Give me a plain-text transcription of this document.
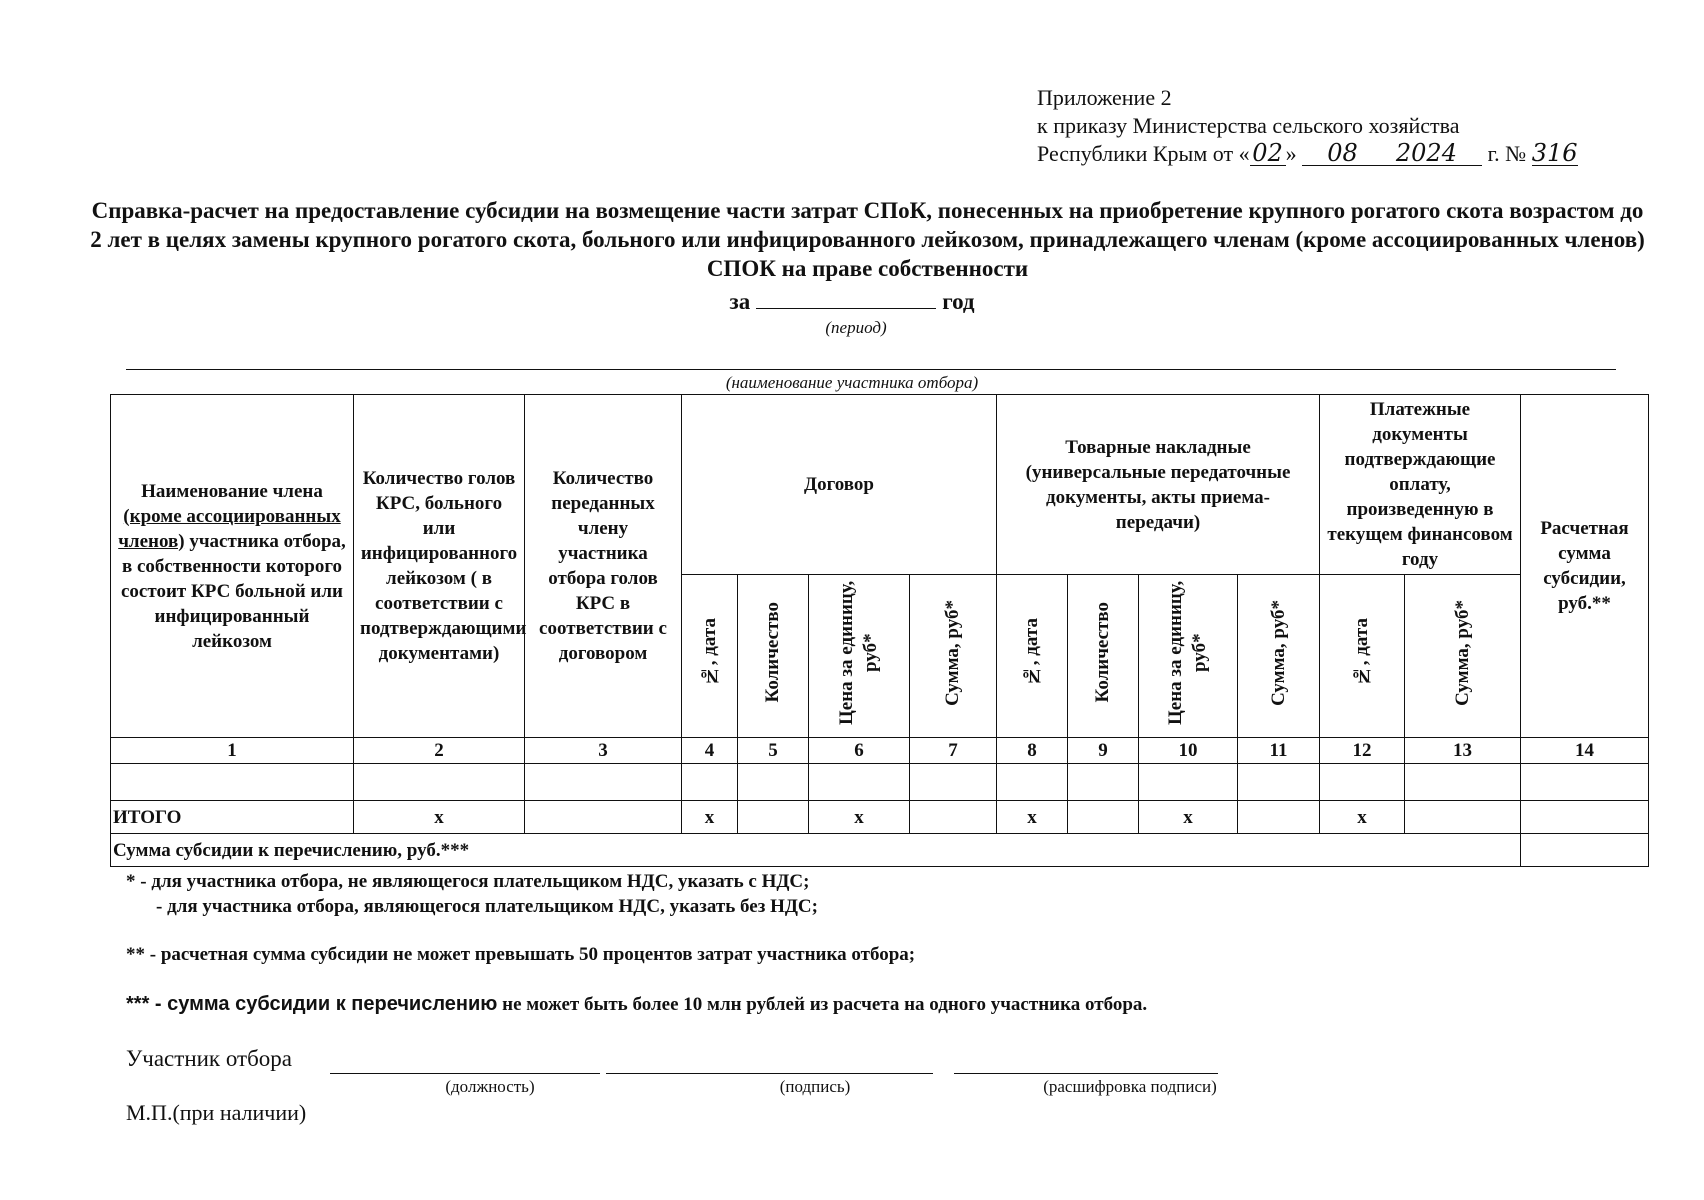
Приложение 2
к приказу Министерства сельского хозяйства
Республики Крым от « 02 » 08 2024 г. № 316
Справка-расчет на предоставление субсидии на возмещение части затрат СПоК, понесенных на приобретение крупного рогатого скота возрастом до 2 лет в целях замены крупного рогатого скота, больного или инфицированного лейкозом, принадлежащего членам (кроме ассоциированных членов) СПОК на праве собственности
за	год
(период)
(наименование участника отбора)
Наименование члена (кроме ассоциированных членов) участника отбора, в собственности которого состоит КРС больной или инфицированный лейкозом	Количество голов КРС, больного или инфицированного лейкозом ( в соответствии с подтверждающими документами)	Количество переданных члену участника отбора голов КРС в соответствии с договором	Договор				Товарные накладные (универсальные передаточные документы, акты приема-передачи)				Платежные документы подтверждающие оплату, произведенную в текущем финансовом году		Расчетная сумма субсидии, руб.**
			№, дата	Количество	Цена за единицу, руб*	Сумма, руб*	№, дата	Количество	Цена за единицу, руб*	Сумма, руб*	№, дата	Сумма, руб*	
1	2	3	4	5	6	7	8	9	10	11	12	13	14

ИТОГО	х		х		х		х		х		х		
Сумма субсидии к перечислению, руб.***													
* - для участника отбора, не являющегося плательщиком НДС, указать с НДС;
- для участника отбора, являющегося плательщиком НДС, указать без НДС;
** - расчетная сумма субсидии не может превышать 50 процентов затрат участника отбора;
*** - сумма субсидии к перечислению не может быть более 10 млн рублей из расчета на одного участника отбора.
Участник отбора
(должность)	(подпись)	(расшифровка подписи)
М.П.(при наличии)
